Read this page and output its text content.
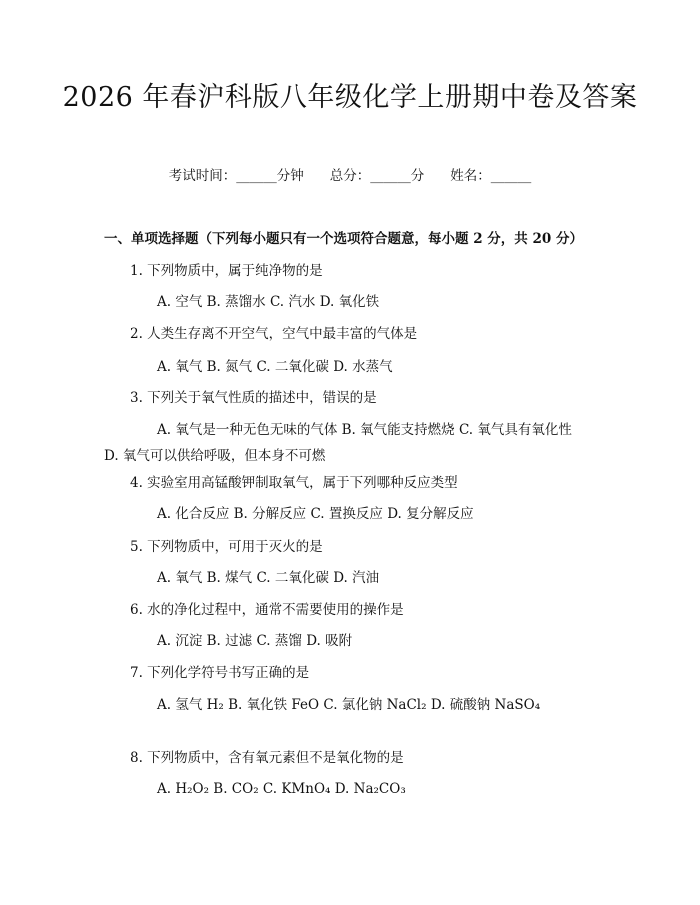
2026 年春沪科版八年级化学上册期中卷及答案
考试时间：______分钟 总分：______分 姓名：______
一、单项选择题（下列每小题只有一个选项符合题意，每小题 2 分，共 20 分）
1. 下列物质中，属于纯净物的是
A. 空气 B. 蒸馏水 C. 汽水 D. 氧化铁
2. 人类生存离不开空气，空气中最丰富的气体是
A. 氧气 B. 氮气 C. 二氧化碳 D. 水蒸气
3. 下列关于氧气性质的描述中，错误的是
A. 氧气是一种无色无味的气体 B. 氧气能支持燃烧 C. 氧气具有氧化性 D. 氧气可以供给呼吸，但本身不可燃
4. 实验室用高锰酸钾制取氧气，属于下列哪种反应类型
A. 化合反应 B. 分解反应 C. 置换反应 D. 复分解反应
5. 下列物质中，可用于灭火的是
A. 氧气 B. 煤气 C. 二氧化碳 D. 汽油
6. 水的净化过程中，通常不需要使用的操作是
A. 沉淀 B. 过滤 C. 蒸馏 D. 吸附
7. 下列化学符号书写正确的是
A. 氢气 H₂ B. 氧化铁 FeO C. 氯化钠 NaCl₂ D. 硫酸钠 NaSO₄
8. 下列物质中，含有氧元素但不是氧化物的是
A. H₂O₂ B. CO₂ C. KMnO₄ D. Na₂CO₃
